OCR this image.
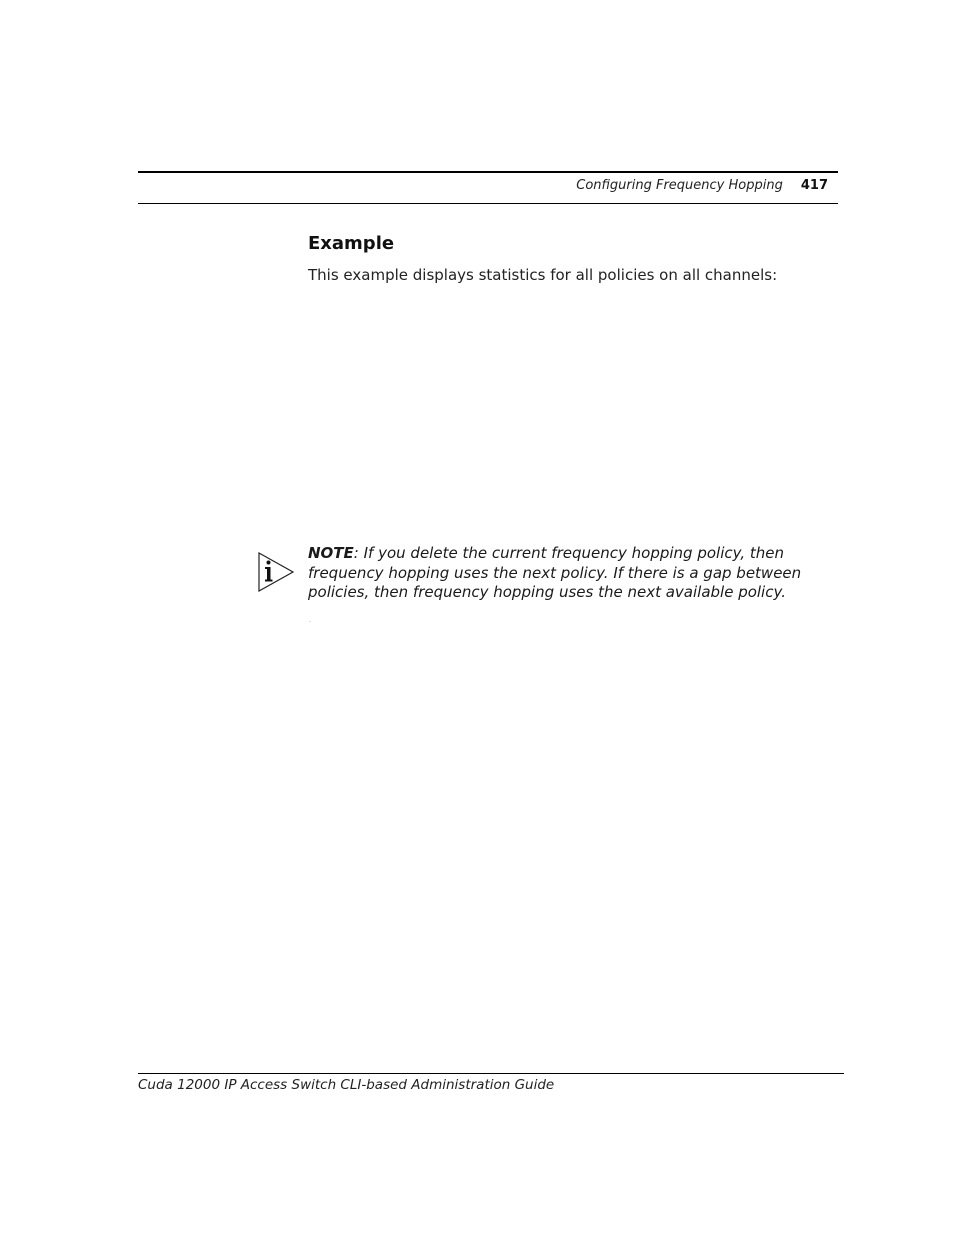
Configuring Frequency Hopping 417
Example

This example displays statistics for all policies on all channels:

NOTE: If you delete the current frequency hopping policy, then frequency hopping uses the next policy. If there is a gap between policies, then frequency hopping uses the next available policy.

.

Cuda 12000 IP Access Switch CLI-based Administration Guide
